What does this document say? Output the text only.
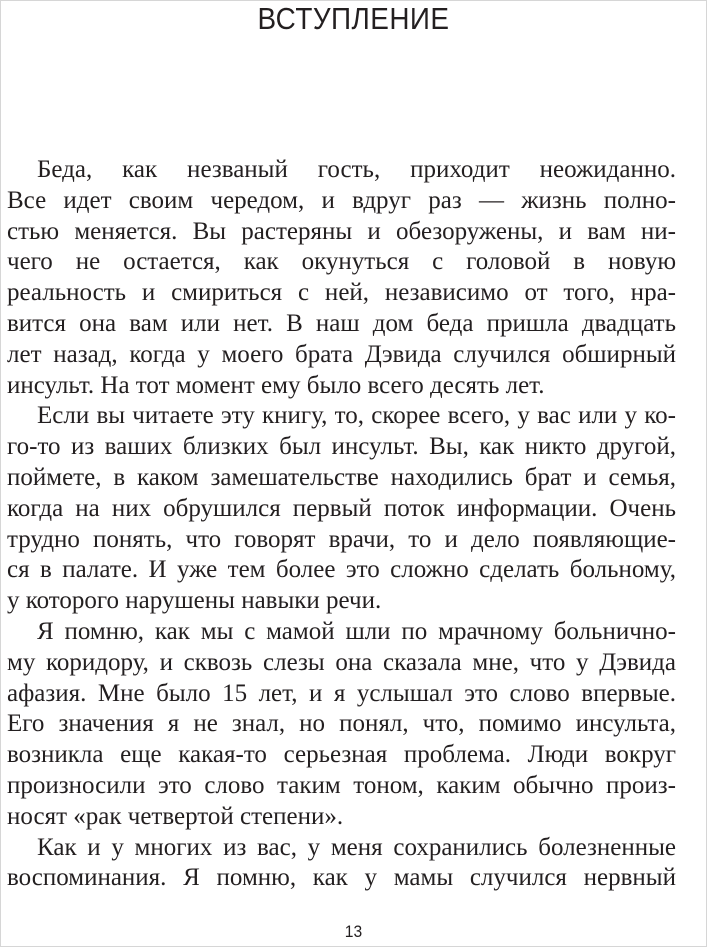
ВСТУПЛЕНИЕ

Беда, как незваный гость, приходит неожиданно.
Все идет своим чередом, и вдруг раз — жизнь полно-
стью меняется. Вы растеряны и обезоружены, и вам ни-
чего не остается, как окунуться с головой в новую
реальность и смириться с ней, независимо от того, нра-
вится она вам или нет. В наш дом беда пришла двадцать
лет назад, когда у моего брата Дэвида случился обширный
инсульт. На тот момент ему было всего десять лет.

Если вы читаете эту книгу, то, скорее всего, у вас или у ко-
го-то из ваших близких был инсульт. Вы, как никто другой,
поймете, в каком замешательстве находились брат и семья,
когда на них обрушился первый поток информации. Очень
трудно понять, что говорят врачи, то и дело появляющие-
ся в палате. И уже тем более это сложно сделать больному,
у которого нарушены навыки речи.

Я помню, как мы с мамой шли по мрачному больнично-
му коридору, и сквозь слезы она сказала мне, что у Дэвида
афазия. Мне было 15 лет, и я услышал это слово впервые.
Его значения я не знал, но понял, что, помимо инсульта,
возникла еще какая-то серьезная проблема. Люди вокруг
произносили это слово таким тоном, каким обычно произ-
носят «рак четвертой степени».

Как и у многих из вас, у меня сохранились болезненные
воспоминания. Я помню, как у мамы случился нервный

13
